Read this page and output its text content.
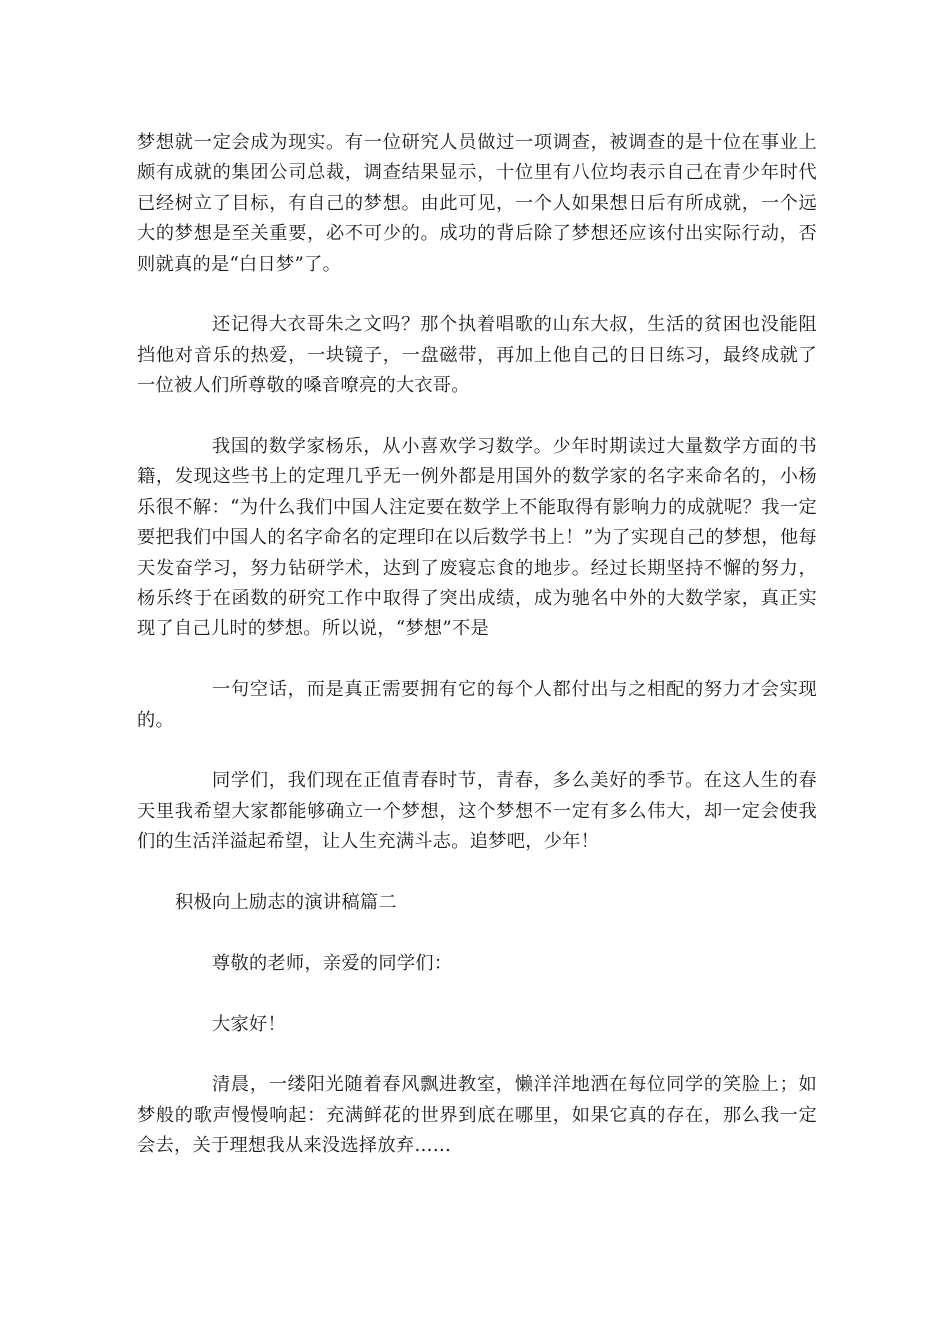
梦想就一定会成为现实。有一位研究人员做过一项调查，被调查的是十位在事业上颇有成就的集团公司总裁，调查结果显示，十位里有八位均表示自己在青少年时代已经树立了目标，有自己的梦想。由此可见，一个人如果想日后有所成就，一个远大的梦想是至关重要，必不可少的。成功的背后除了梦想还应该付出实际行动，否则就真的是“白日梦”了。

还记得大衣哥朱之文吗？那个执着唱歌的山东大叔，生活的贫困也没能阻挡他对音乐的热爱，一块镜子，一盘磁带，再加上他自己的日日练习，最终成就了一位被人们所尊敬的嗓音嘹亮的大衣哥。

我国的数学家杨乐，从小喜欢学习数学。少年时期读过大量数学方面的书籍，发现这些书上的定理几乎无一例外都是用国外的数学家的名字来命名的，小杨乐很不解：“为什么我们中国人注定要在数学上不能取得有影响力的成就呢？我一定要把我们中国人的名字命名的定理印在以后数学书上！”为了实现自己的梦想，他每天发奋学习，努力钻研学术，达到了废寝忘食的地步。经过长期坚持不懈的努力，杨乐终于在函数的研究工作中取得了突出成绩，成为驰名中外的大数学家，真正实现了自己儿时的梦想。所以说，“梦想”不是

一句空话，而是真正需要拥有它的每个人都付出与之相配的努力才会实现的。

同学们，我们现在正值青春时节，青春，多么美好的季节。在这人生的春天里我希望大家都能够确立一个梦想，这个梦想不一定有多么伟大，却一定会使我们的生活洋溢起希望，让人生充满斗志。追梦吧，少年！

积极向上励志的演讲稿篇二

尊敬的老师，亲爱的同学们：

大家好！

清晨，一缕阳光随着春风飘进教室，懒洋洋地洒在每位同学的笑脸上；如梦般的歌声慢慢响起：充满鲜花的世界到底在哪里，如果它真的存在，那么我一定会去，关于理想我从来没选择放弃……
